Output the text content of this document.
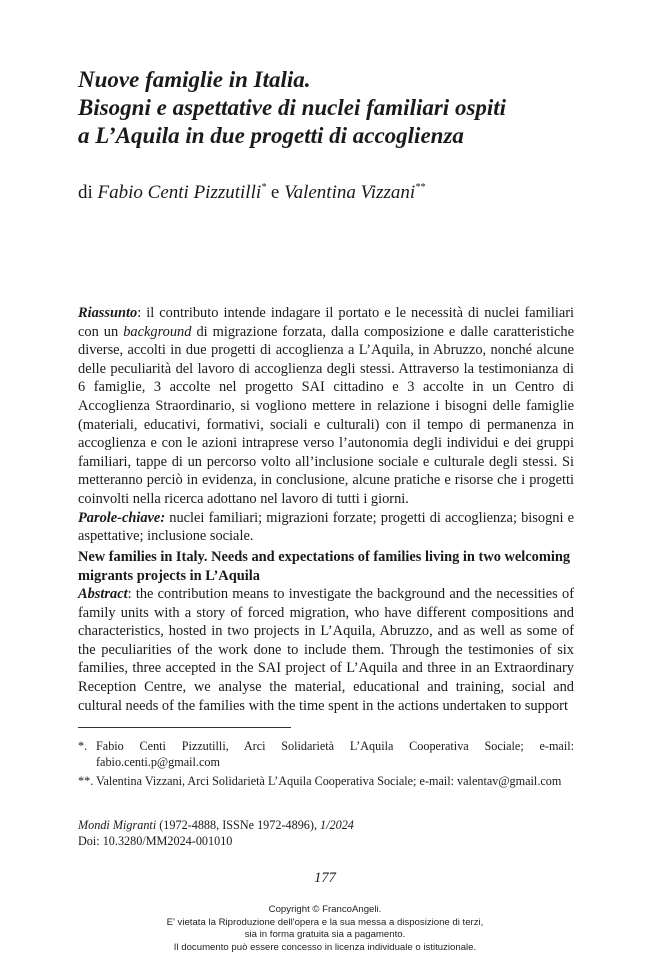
Nuove famiglie in Italia.
Bisogni e aspettative di nuclei familiari ospiti
a L’Aquila in due progetti di accoglienza
di Fabio Centi Pizzutilli* e Valentina Vizzani**

Riassunto: il contributo intende indagare il portato e le necessità di nuclei familiari con un background di migrazione forzata, dalla composizione e dalle caratteristiche diverse, accolti in due progetti di accoglienza a L’Aquila, in Abruzzo, nonché alcune delle peculiarità del lavoro di accoglienza degli stessi. Attraverso la testimonianza di 6 famiglie, 3 accolte nel progetto SAI cittadino e 3 accolte in un Centro di Accoglienza Straordinario, si vogliono mettere in relazione i bisogni delle famiglie (materiali, educativi, formativi, sociali e culturali) con il tempo di permanenza in accoglienza e con le azioni intraprese verso l’autonomia degli individui e dei gruppi familiari, tappe di un percorso volto all’inclusione sociale e culturale degli stessi. Si metteranno perciò in evidenza, in conclusione, alcune pratiche e risorse che i progetti coinvolti nella ricerca adottano nel lavoro di tutti i giorni.

Parole-chiave: nuclei familiari; migrazioni forzate; progetti di accoglienza; bisogni e aspettative; inclusione sociale.

New families in Italy. Needs and expectations of families living in two welcoming migrants projects in L’Aquila

Abstract: the contribution means to investigate the background and the necessities of family units with a story of forced migration, who have different compositions and characteristics, hosted in two projects in L’Aquila, Abruzzo, and as well as some of the peculiarities of the work done to include them. Through the testimonies of six families, three accepted in the SAI project of L’Aquila and three in an Extraordinary Reception Centre, we analyse the material, educational and training, social and cultural needs of the families with the time spent in the actions undertaken to support

*. Fabio Centi Pizzutilli, Arci Solidarietà L’Aquila Cooperativa Sociale; e-mail: fabio.centi.p@gmail.com
**. Valentina Vizzani, Arci Solidarietà L’Aquila Cooperativa Sociale; e-mail: valentav@gmail.com
Mondi Migranti (1972-4888, ISSNe 1972-4896), 1/2024
Doi: 10.3280/MM2024-001010
177
Copyright © FrancoAngeli.
E' vietata la Riproduzione dell'opera e la sua messa a disposizione di terzi,
sia in forma gratuita sia a pagamento.
Il documento può essere concesso in licenza individuale o istituzionale.
